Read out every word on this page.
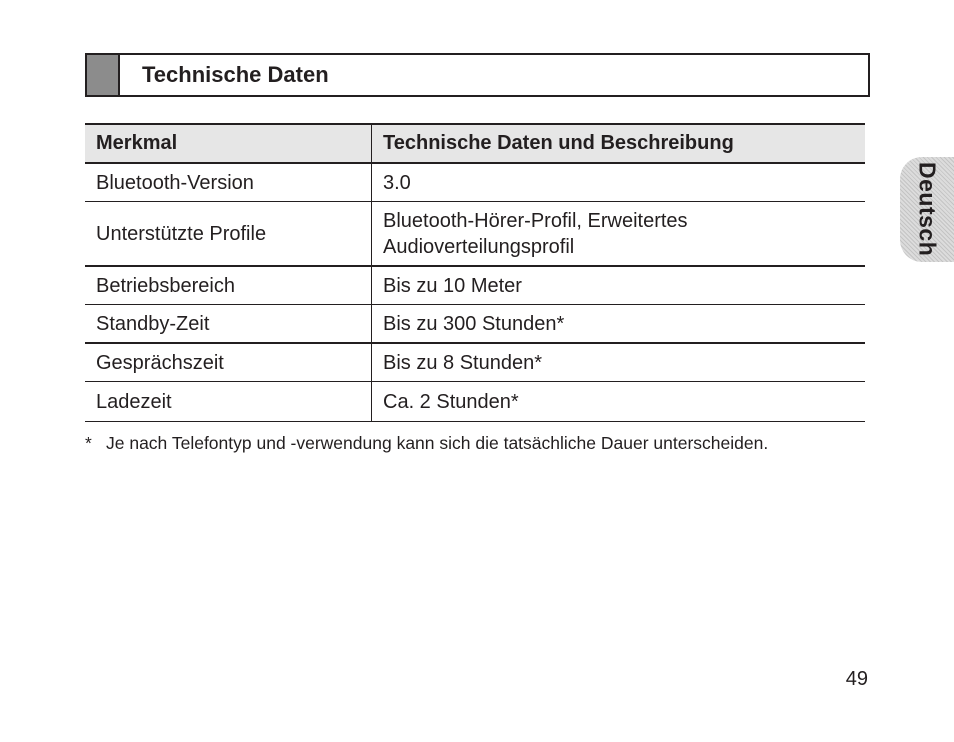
Technische Daten
Merkmal	Technische Daten und Beschreibung
Bluetooth-Version	3.0
Unterstützte Profile	Bluetooth-Hörer-Profil, Erweitertes
Audioverteilungsprofil
Betriebsbereich	Bis zu 10 Meter
Standby-Zeit	Bis zu 300 Stunden*
Gesprächszeit	Bis zu 8 Stunden*
Ladezeit	Ca. 2 Stunden*
* Je nach Telefontyp und -verwendung kann sich die tatsächliche Dauer unterscheiden.
Deutsch
49
